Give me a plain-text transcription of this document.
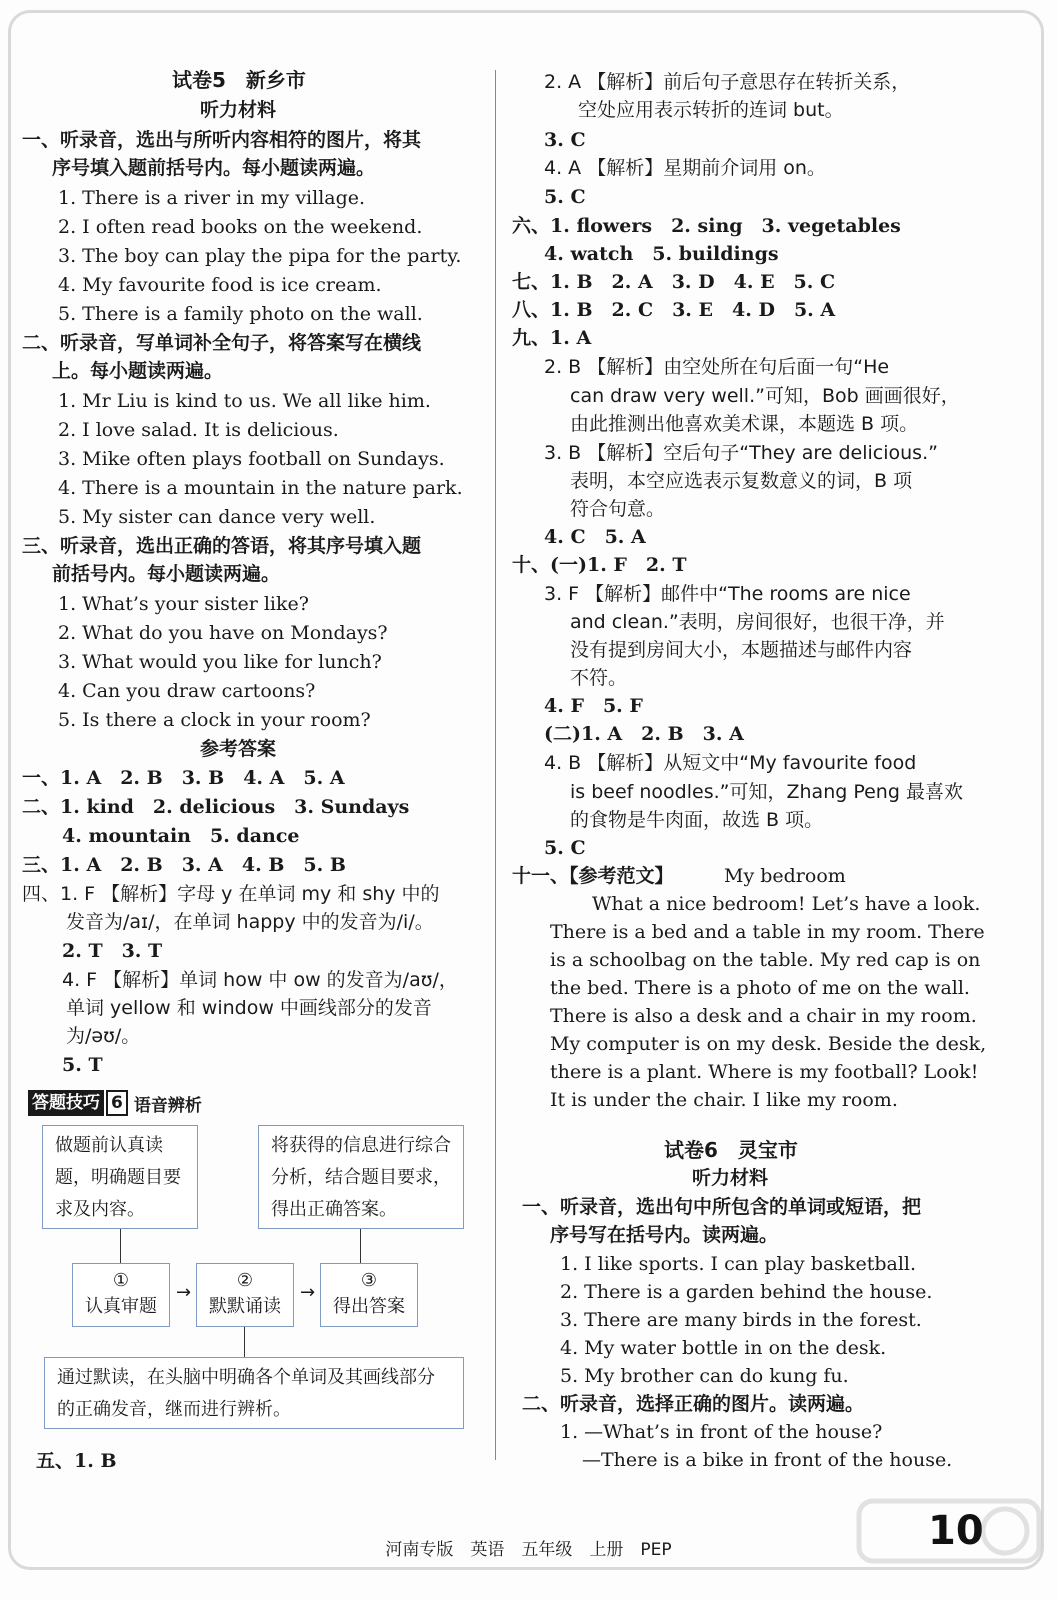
试卷5　新乡市
听力材料
一、听录音，选出与所听内容相符的图片，将其
序号填入题前括号内。每小题读两遍。
1. There is a river in my village.
2. I often read books on the weekend.
3. The boy can play the pipa for the party.
4. My favourite food is ice cream.
5. There is a family photo on the wall.
二、听录音，写单词补全句子，将答案写在横线
上。每小题读两遍。
1. Mr Liu is kind to us. We all like him.
2. I love salad. It is delicious.
3. Mike often plays football on Sundays.
4. There is a mountain in the nature park.
5. My sister can dance very well.
三、听录音，选出正确的答语，将其序号填入题
前括号内。每小题读两遍。
1. What’s your sister like?
2. What do you have on Mondays?
3. What would you like for lunch?
4. Can you draw cartoons?
5. Is there a clock in your room?
参考答案
一、1. A　2. B　3. B　4. A　5. A
二、1. kind　2. delicious　3. Sundays
4. mountain　5. dance
三、1. A　2. B　3. A　4. B　5. B
四、1. F 【解析】字母 y 在单词 my 和 shy 中的
发音为/aɪ/，在单词 happy 中的发音为/i/。
2. T　3. T
4. F 【解析】单词 how 中 ow 的发音为/aʊ/，
单词 yellow 和 window 中画线部分的发音
为/əʊ/。
5. T
答题技巧 6 语音辨析
做题前认真读题，明确题目要求及内容。
将获得的信息进行综合分析，结合题目要求，得出正确答案。
①
认真审题
→
②
默默诵读
→
③
得出答案
通过默读，在头脑中明确各个单词及其画线部分的正确发音，继而进行辨析。
五、1. B
2. A 【解析】前后句子意思存在转折关系，
空处应用表示转折的连词 but。
3. C
4. A 【解析】星期前介词用 on。
5. C
六、1. flowers　2. sing　3. vegetables
4. watch　5. buildings
七、1. B　2. A　3. D　4. E　5. C
八、1. B　2. C　3. E　4. D　5. A
九、1. A
2. B 【解析】由空处所在句后面一句“He
can draw very well.”可知，Bob 画画很好，
由此推测出他喜欢美术课，本题选 B 项。
3. B 【解析】空后句子“They are delicious.”
表明，本空应选表示复数意义的词，B 项
符合句意。
4. C　5. A
十、(一)1. F　2. T
3. F 【解析】邮件中“The rooms are nice
and clean.”表明，房间很好，也很干净，并
没有提到房间大小，本题描述与邮件内容
不符。
4. F　5. F
(二)1. A　2. B　3. A
4. B 【解析】从短文中“My favourite food
is beef noodles.”可知，Zhang Peng 最喜欢
的食物是牛肉面，故选 B 项。
5. C
十一、【参考范文】	My bedroom
What a nice bedroom! Let’s have a look.
There is a bed and a table in my room. There
is a schoolbag on the table. My red cap is on
the bed. There is a photo of me on the wall.
There is also a desk and a chair in my room.
My computer is on my desk. Beside the desk,
there is a plant. Where is my football? Look!
It is under the chair. I like my room.
试卷6　灵宝市
听力材料
一、听录音，选出句中所包含的单词或短语，把
序号写在括号内。读两遍。
1. I like sports. I can play basketball.
2. There is a garden behind the house.
3. There are many birds in the forest.
4. My water bottle in on the desk.
5. My brother can do kung fu.
二、听录音，选择正确的图片。读两遍。
1. —What’s in front of the house?
—There is a bike in front of the house.
河南专版　英语　五年级　上册　PEP	10
